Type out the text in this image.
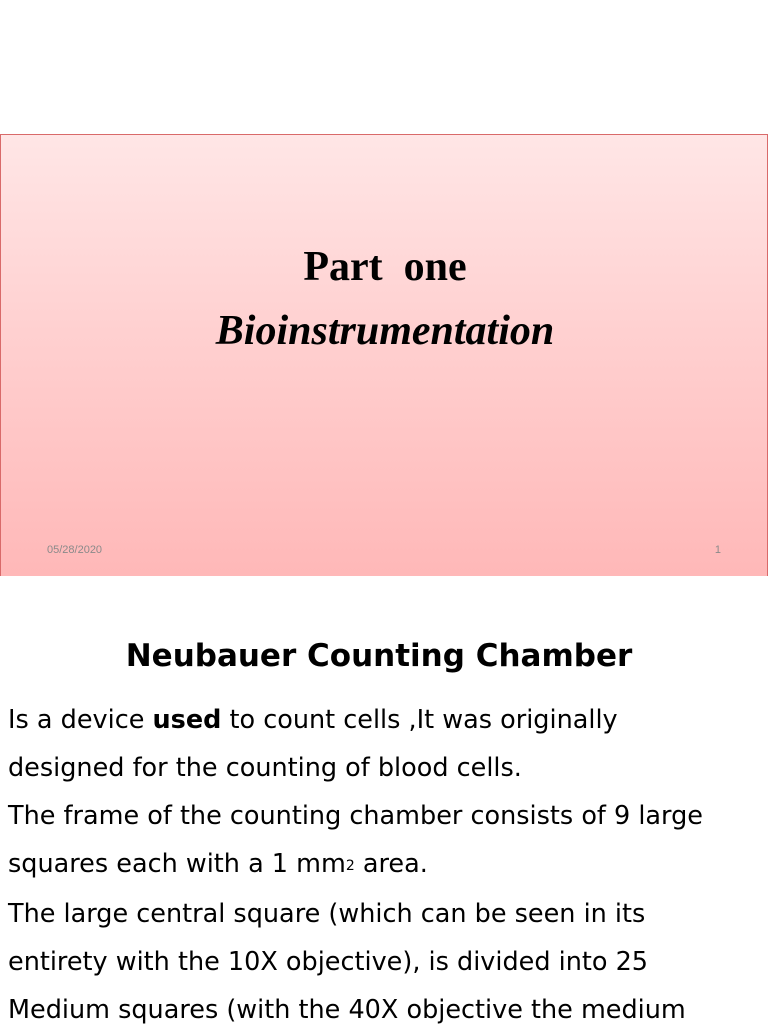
Part  one
Bioinstrumentation
05/28/2020	1
Neubauer Counting Chamber
Is a device used to count cells ,It was originally
designed for the counting of blood cells.
The frame of the counting chamber consists of 9 large
squares each with a 1 $mm^2$ area.
The large central square (which can be seen in its
entirety with the 10X objective), is divided into 25
Medium squares (with the 40X objective the medium
